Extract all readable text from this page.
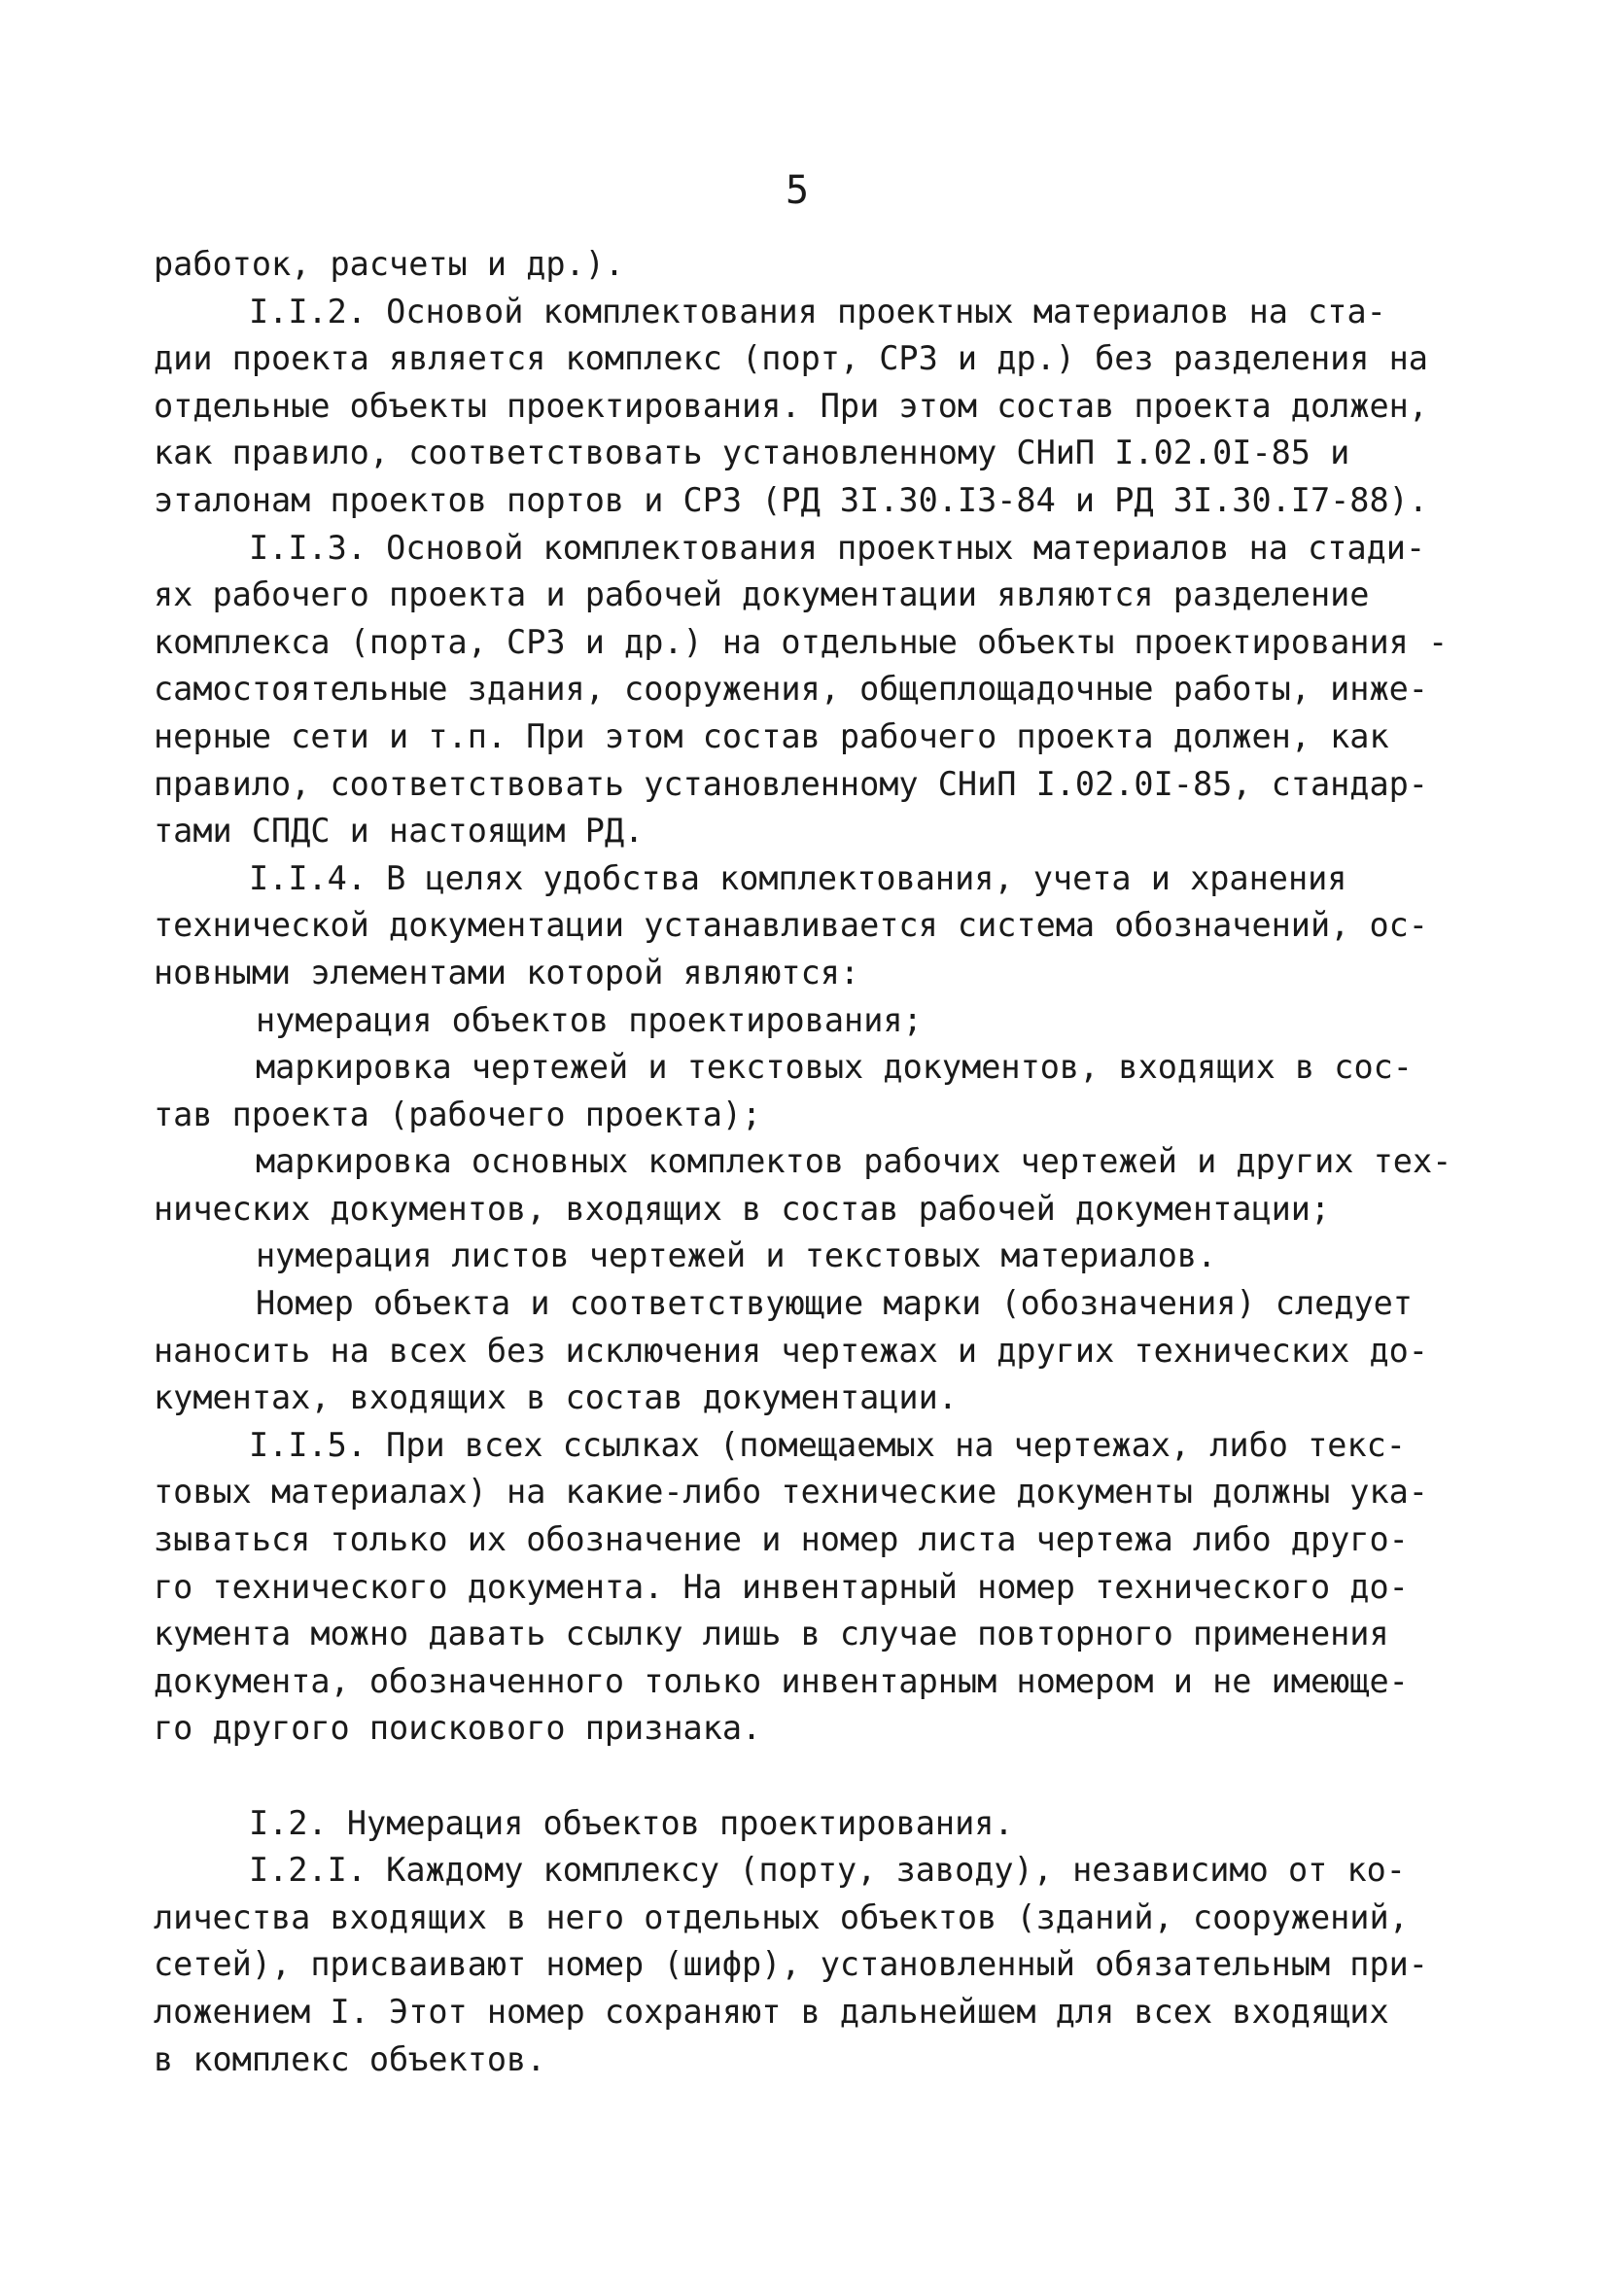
5
работок, расчеты и др.).
I.I.2. Основой комплектования проектных материалов на ста-
дии проекта является комплекс (порт, СРЗ и др.) без разделения на
отдельные объекты проектирования. При этом состав проекта должен,
как правило, соответствовать установленному СНиП I.02.0I-85 и
эталонам проектов портов и СРЗ (РД 3I.30.I3-84 и РД 3I.30.I7-88).
I.I.3. Основой комплектования проектных материалов на стади-
ях рабочего проекта и рабочей документации являются разделение
комплекса (порта, СРЗ и др.) на отдельные объекты проектирования -
самостоятельные здания, сооружения, общеплощадочные работы, инже-
нерные сети и т.п. При этом состав рабочего проекта должен, как
правило, соответствовать установленному СНиП I.02.0I-85, стандар-
тами СПДС и настоящим РД.
I.I.4. В целях удобства комплектования, учета и хранения
технической документации устанавливается система обозначений, ос-
новными элементами которой являются:
нумерация объектов проектирования;
маркировка чертежей и текстовых документов, входящих в сос-
тав проекта (рабочего проекта);
маркировка основных комплектов рабочих чертежей и других тех-
нических документов, входящих в состав рабочей документации;
нумерация листов чертежей и текстовых материалов.
Номер объекта и соответствующие марки (обозначения) следует
наносить на всех без исключения чертежах и других технических до-
кументах, входящих в состав документации.
I.I.5. При всех ссылках (помещаемых на чертежах, либо текс-
товых материалах) на какие-либо технические документы должны ука-
зываться только их обозначение и номер листа чертежа либо друго-
го технического документа. На инвентарный номер технического до-
кумента можно давать ссылку лишь в случае повторного применения
документа, обозначенного только инвентарным номером и не имеюще-
го другого поискового признака.
I.2. Нумерация объектов проектирования.
I.2.I. Каждому комплексу (порту, заводу), независимо от ко-
личества входящих в него отдельных объектов (зданий, сооружений,
сетей), присваивают номер (шифр), установленный обязательным при-
ложением I. Этот номер сохраняют в дальнейшем для всех входящих
в комплекс объектов.
